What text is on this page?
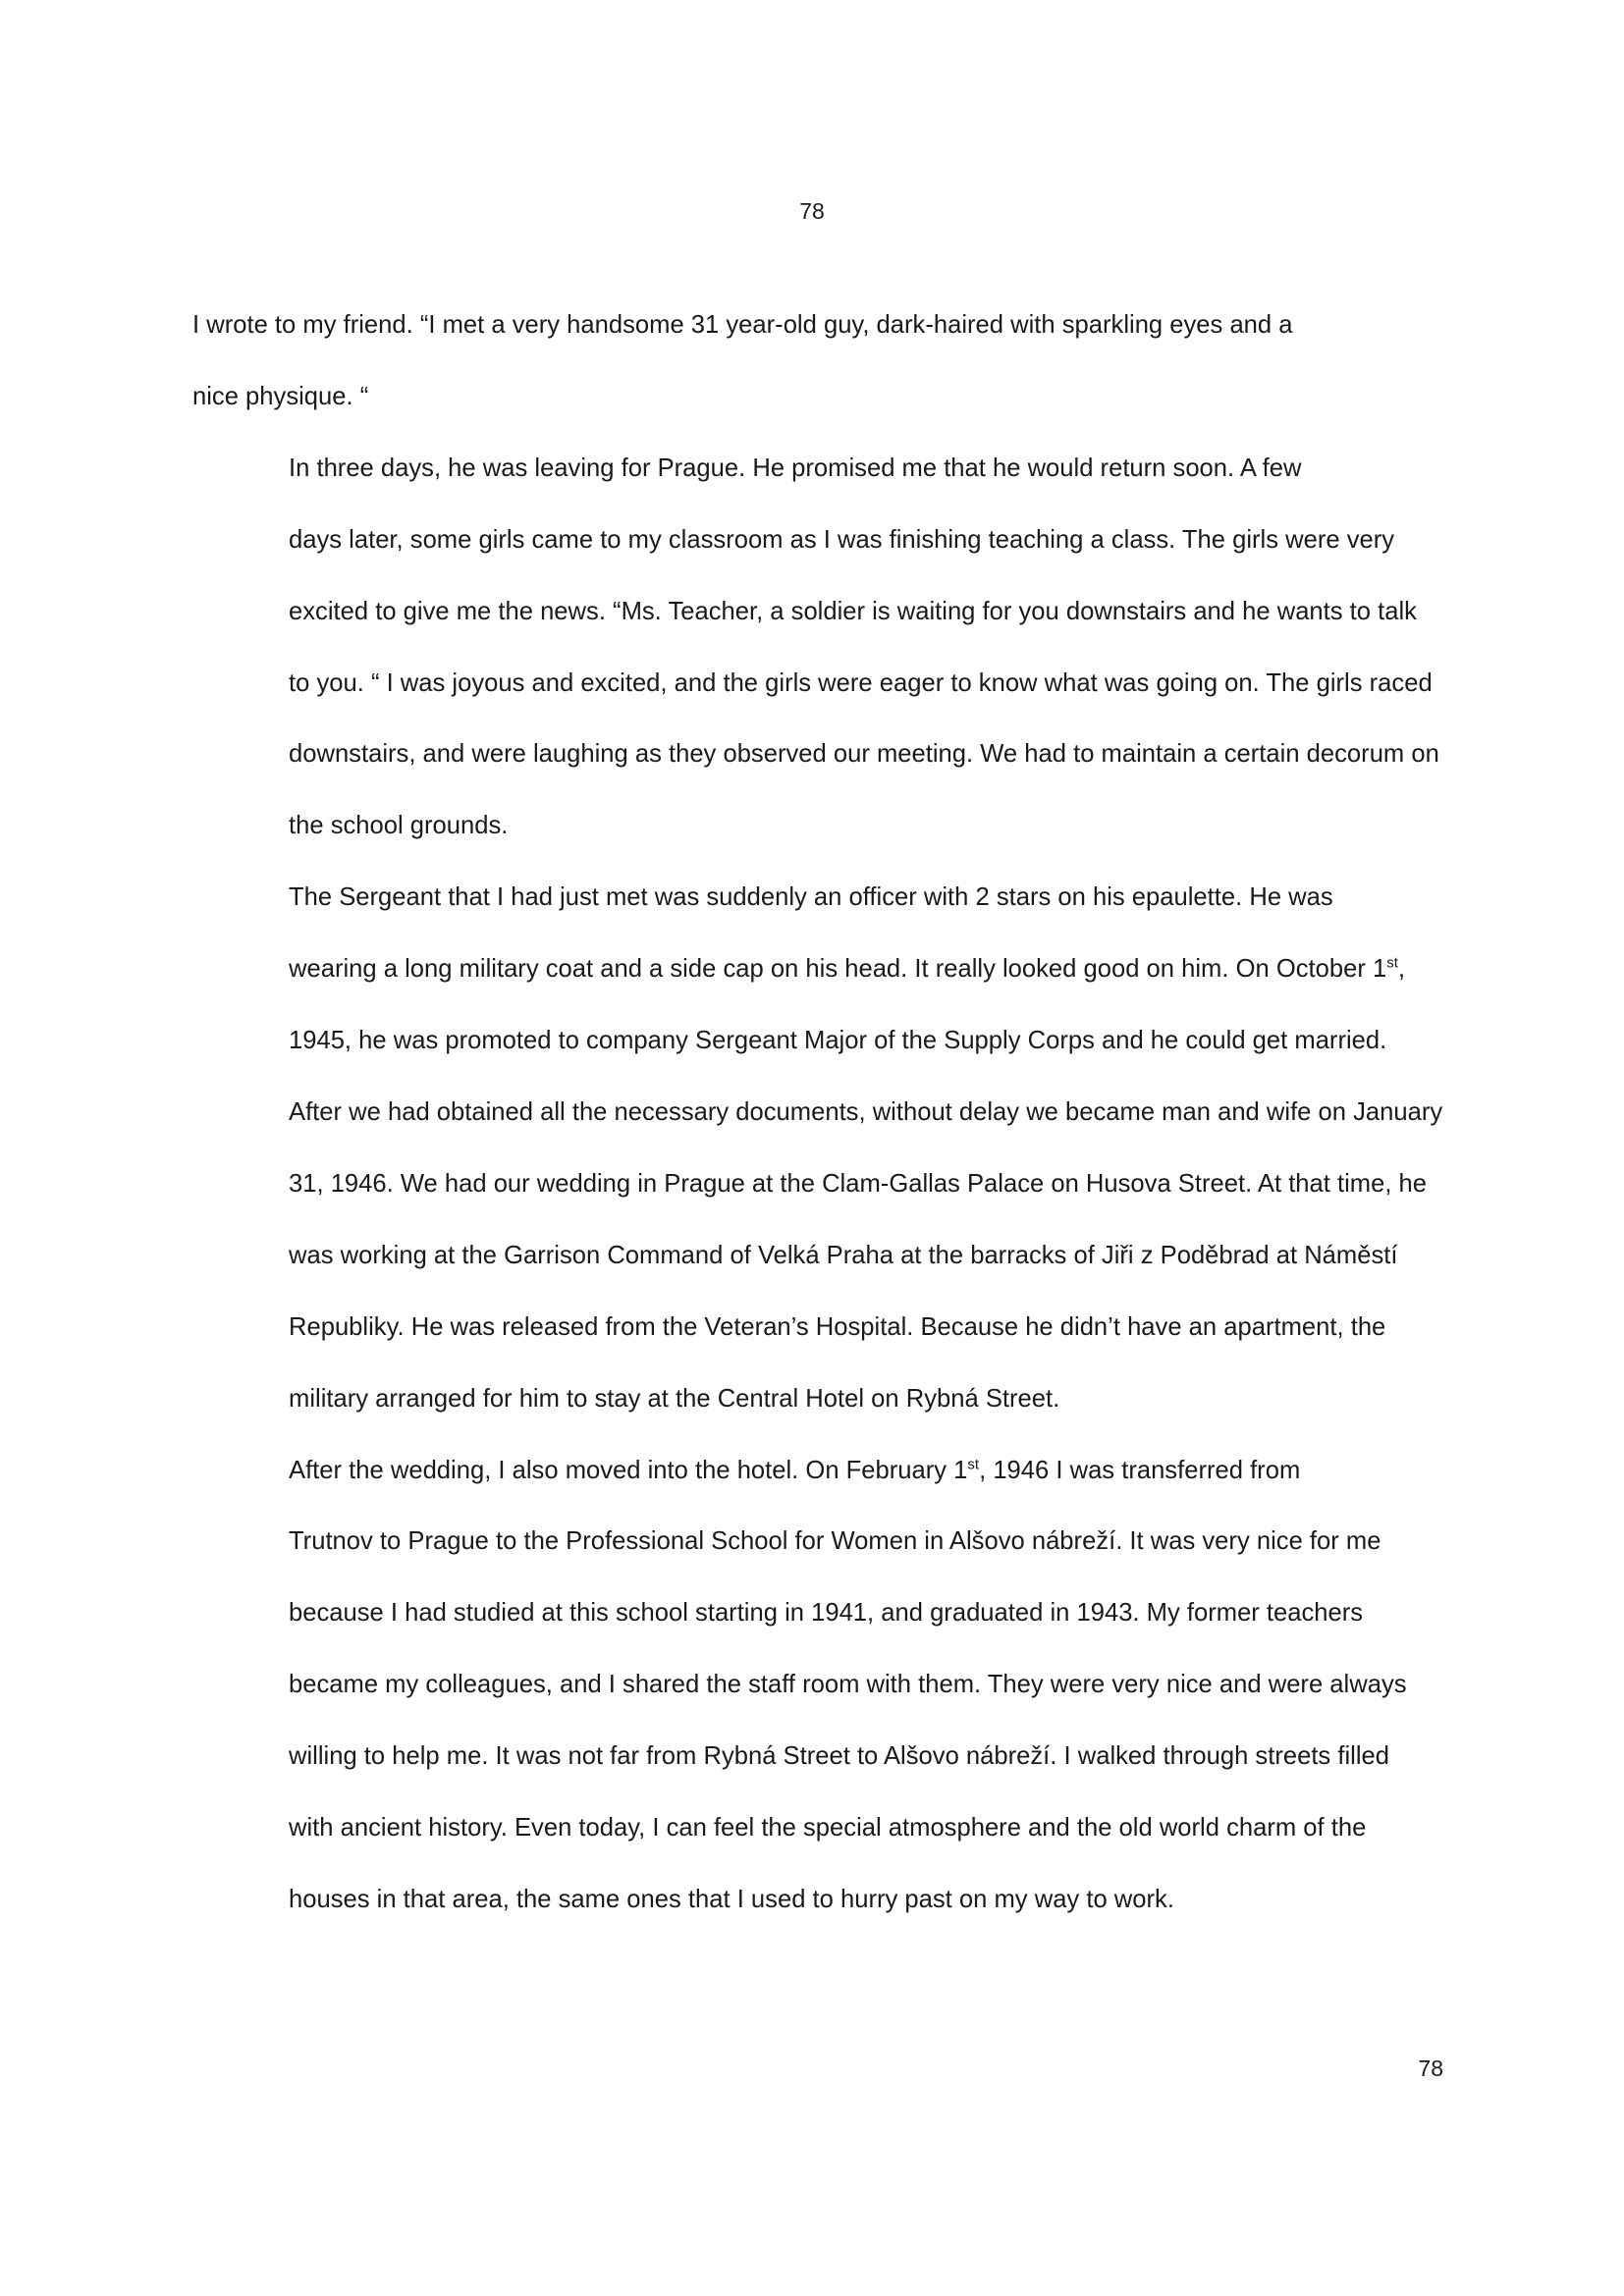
78

I wrote to my friend. “I met a very handsome 31 year-old guy, dark-haired with sparkling eyes and a
nice physique. “

In three days, he was leaving for Prague. He promised me that he would return soon. A few
days later, some girls came to my classroom as I was finishing teaching a class. The girls were very
excited to give me the news. “Ms. Teacher, a soldier is waiting for you downstairs and he wants to talk
to you. “ I was joyous and excited, and the girls were eager to know what was going on. The girls raced
downstairs, and were laughing as they observed our meeting. We had to maintain a certain decorum on
the school grounds.

The Sergeant that I had just met was suddenly an officer with 2 stars on his epaulette. He was
wearing a long military coat and a side cap on his head. It really looked good on him. On October 1st,
1945, he was promoted to company Sergeant Major of the Supply Corps and he could get married.
After we had obtained all the necessary documents, without delay we became man and wife on January
31, 1946. We had our wedding in Prague at the Clam-Gallas Palace on Husova Street. At that time, he
was working at the Garrison Command of Velká Praha at the barracks of Jiři z Poděbrad at Náměstí
Republiky. He was released from the Veteran’s Hospital. Because he didn’t have an apartment, the
military arranged for him to stay at the Central Hotel on Rybná Street.

After the wedding, I also moved into the hotel. On February 1st, 1946 I was transferred from
Trutnov to Prague to the Professional School for Women in Alšovo nábreží. It was very nice for me
because I had studied at this school starting in 1941, and graduated in 1943. My former teachers
became my colleagues, and I shared the staff room with them. They were very nice and were always
willing to help me. It was not far from Rybná Street to Alšovo nábreží. I walked through streets filled
with ancient history. Even today, I can feel the special atmosphere and the old world charm of the
houses in that area, the same ones that I used to hurry past on my way to work.

78
